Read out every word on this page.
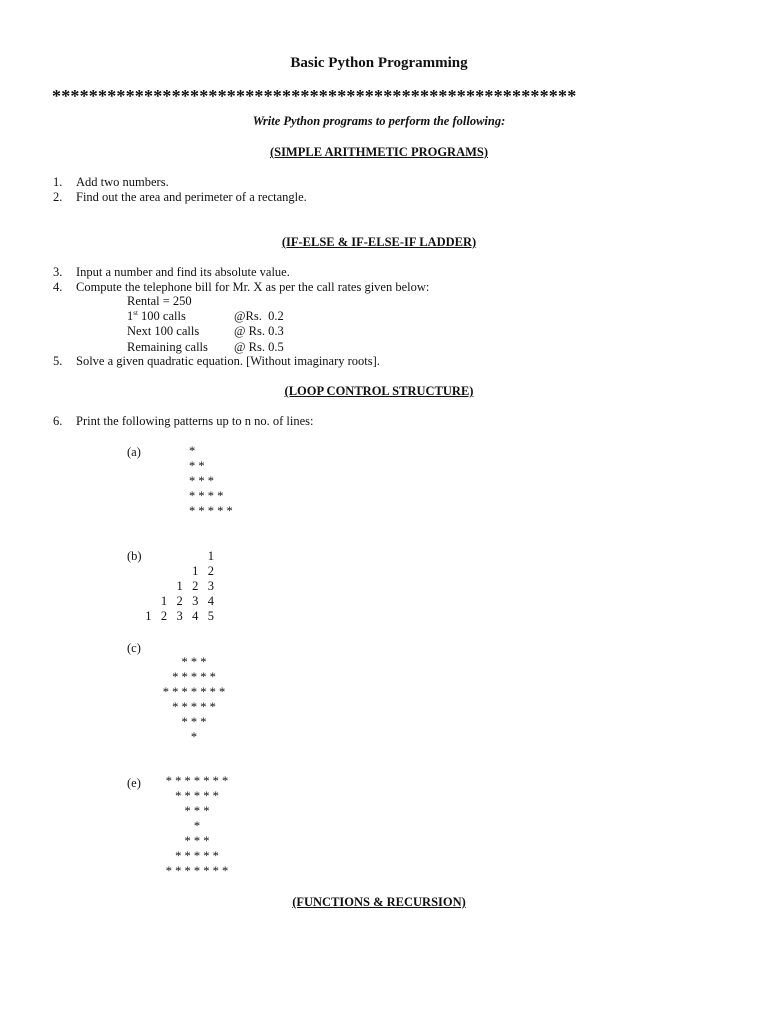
Basic Python Programming
*********************************************************
Write Python programs to perform the following:
(SIMPLE ARITHMETIC PROGRAMS)
1. Add two numbers.
2. Find out the area and perimeter of a rectangle.
(IF-ELSE & IF-ELSE-IF LADDER)
3. Input a number and find its absolute value.
4. Compute the telephone bill for Mr. X as per the call rates given below:
Rental = 250
1st 100 calls	@Rs.  0.2
Next 100 calls	@ Rs. 0.3
Remaining calls @ Rs. 0.5
5. Solve a given quadratic equation. [Without imaginary roots].
(LOOP CONTROL STRUCTURE)
6. Print the following patterns up to n no. of lines:
(a)	*
* *
* * *
* * * *
* * * * *
(b)	1
1   2
1   2   3
1   2   3   4
1   2   3   4   5
(c)
* * *
* * * * *
* * * * * * *
* * * * *
* * *
*
(e)	* * * * * * *
* * * * *
* * *
*
* * *
* * * * *
* * * * * * *
(FUNCTIONS & RECURSION)
